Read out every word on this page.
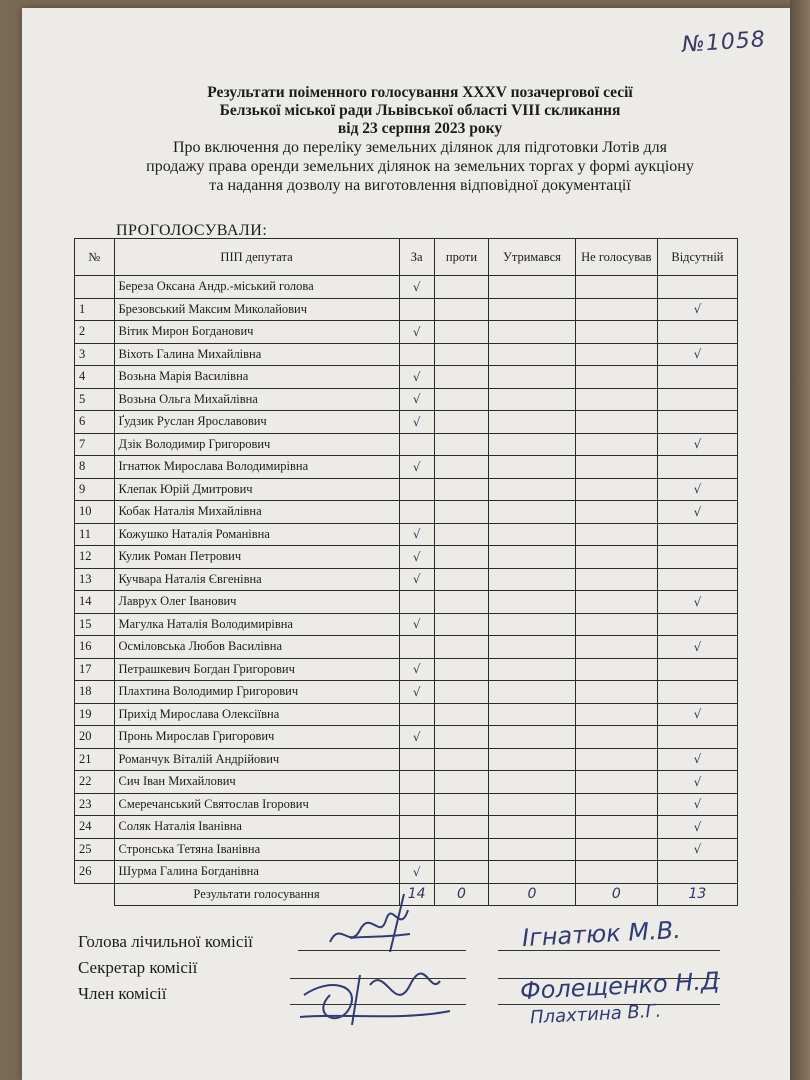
№1058
Результати поіменного голосування XXXV позачергової сесії
Белзької міської ради Львівської області VIII скликання
від 23 серпня 2023 року
Про включення до переліку земельних ділянок для підготовки Лотів для
продажу права оренди земельних ділянок на земельних торгах у формі аукціону
та надання дозволу на виготовлення відповідної документації
ПРОГОЛОСУВАЛИ:
№	ПІП депутата	За	проти	Утримався	Не голосував	Відсутній
	Береза Оксана Андр.-міський голова	√				
1	Брезовський Максим Миколайович					√
2	Вітик Мирон Богданович	√				
3	Віхоть Галина Михайлівна					√
4	Возьна Марія Василівна	√				
5	Возьна Ольга Михайлівна	√				
6	Ґудзик Руслан Ярославович	√				
7	Дзік Володимир Григорович					√
8	Ігнатюк Мирослава Володимирівна	√				
9	Клепак Юрій Дмитрович					√
10	Кобак Наталія Михайлівна					√
11	Кожушко Наталія Романівна	√				
12	Кулик Роман Петрович	√				
13	Кучвара Наталія Євгенівна	√				
14	Лаврух Олег Іванович					√
15	Магулка Наталія Володимирівна	√				
16	Осміловська Любов Василівна					√
17	Петрашкевич Богдан Григорович	√				
18	Плахтина Володимир Григорович	√				
19	Прихід Мирослава Олексіївна					√
20	Пронь Мирослав Григорович	√				
21	Романчук Віталій Андрійович					√
22	Сич Іван Михайлович					√
23	Смеречанський Святослав Ігорович					√
24	Соляк Наталія Іванівна					√
25	Стронська Тетяна Іванівна					√
26	Шурма Галина Богданівна	√				
	Результати голосування	14	0	0	0	13
Голова лічильної комісії	Ігнатюк М.В.
Секретар комісії
Член комісії	Фолещенко Н.Д
Плахтина В.Г.
